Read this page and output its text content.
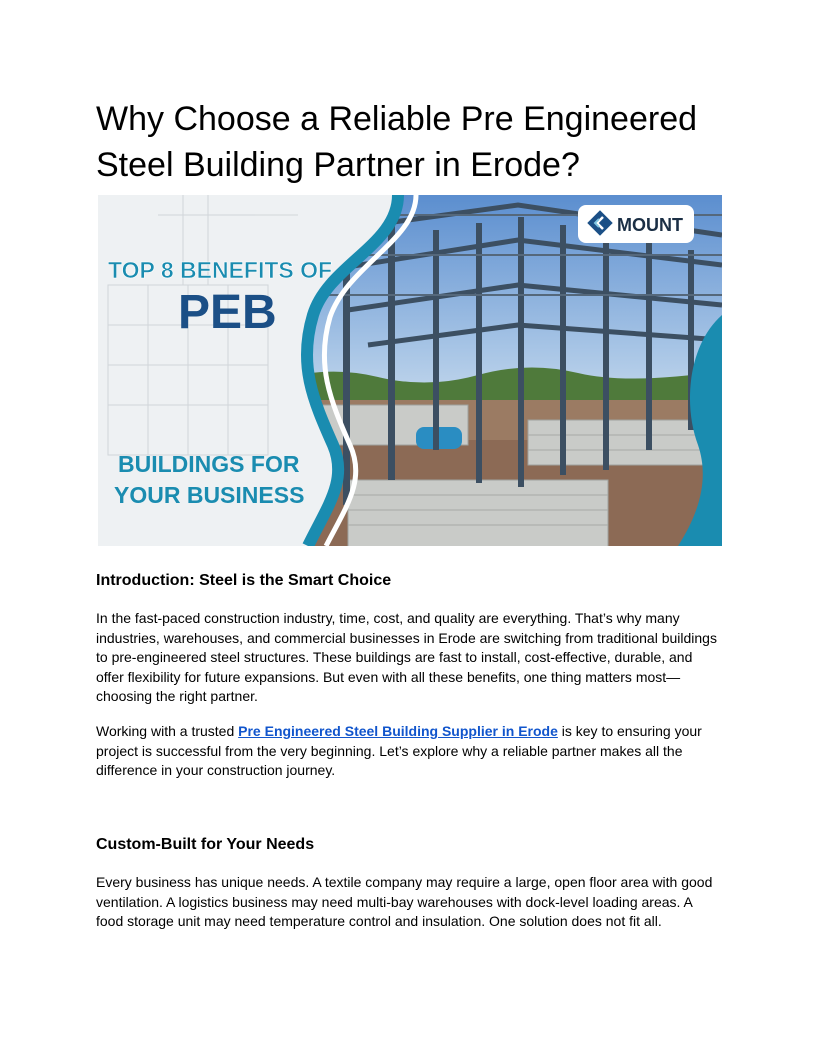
Why Choose a Reliable Pre Engineered Steel Building Partner in Erode?
TOP 8 BENEFITS OF
PEB
BUILDINGS FOR
YOUR BUSINESS
MOUNT
Introduction: Steel is the Smart Choice

In the fast-paced construction industry, time, cost, and quality are everything. That’s why many industries, warehouses, and commercial businesses in Erode are switching from traditional buildings to pre-engineered steel structures. These buildings are fast to install, cost-effective, durable, and offer flexibility for future expansions. But even with all these benefits, one thing matters most—choosing the right partner.

Working with a trusted Pre Engineered Steel Building Supplier in Erode is key to ensuring your project is successful from the very beginning. Let’s explore why a reliable partner makes all the difference in your construction journey.

Custom-Built for Your Needs

Every business has unique needs. A textile company may require a large, open floor area with good ventilation. A logistics business may need multi-bay warehouses with dock-level loading areas. A food storage unit may need temperature control and insulation. One solution does not fit all.
